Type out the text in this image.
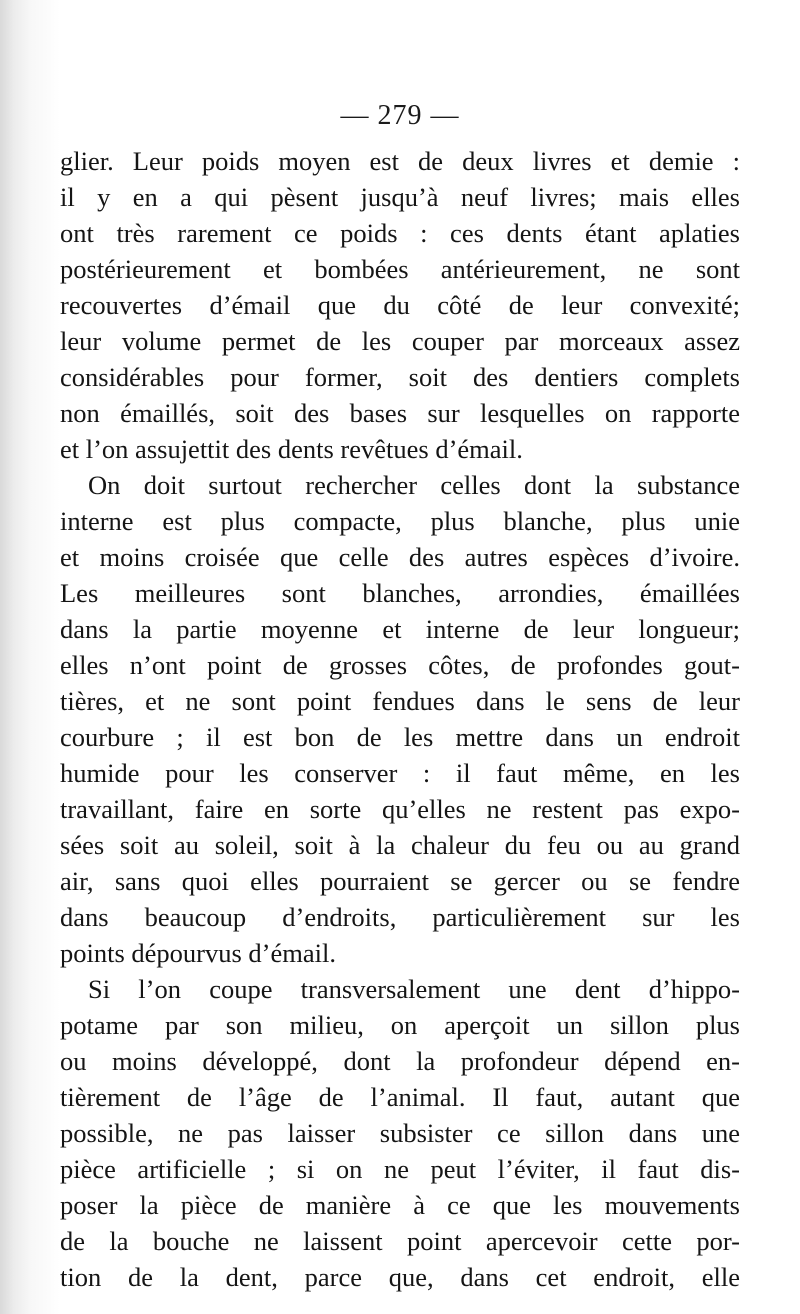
— 279 —
glier. Leur poids moyen est de deux livres et demie :
il y en a qui pèsent jusqu’à neuf livres; mais elles
ont très rarement ce poids : ces dents étant aplaties
postérieurement et bombées antérieurement, ne sont
recouvertes d’émail que du côté de leur convexité;
leur volume permet de les couper par morceaux assez
considérables pour former, soit des dentiers complets
non émaillés, soit des bases sur lesquelles on rapporte
et l’on assujettit des dents revêtues d’émail.
On doit surtout rechercher celles dont la substance
interne est plus compacte, plus blanche, plus unie
et moins croisée que celle des autres espèces d’ivoire.
Les meilleures sont blanches, arrondies, émaillées
dans la partie moyenne et interne de leur longueur;
elles n’ont point de grosses côtes, de profondes gout-
tières, et ne sont point fendues dans le sens de leur
courbure ; il est bon de les mettre dans un endroit
humide pour les conserver : il faut même, en les
travaillant, faire en sorte qu’elles ne restent pas expo-
sées soit au soleil, soit à la chaleur du feu ou au grand
air, sans quoi elles pourraient se gercer ou se fendre
dans beaucoup d’endroits, particulièrement sur les
points dépourvus d’émail.
Si l’on coupe transversalement une dent d’hippo-
potame par son milieu, on aperçoit un sillon plus
ou moins développé, dont la profondeur dépend en-
tièrement de l’âge de l’animal. Il faut, autant que
possible, ne pas laisser subsister ce sillon dans une
pièce artificielle ; si on ne peut l’éviter, il faut dis-
poser la pièce de manière à ce que les mouvements
de la bouche ne laissent point apercevoir cette por-
tion de la dent, parce que, dans cet endroit, elle
